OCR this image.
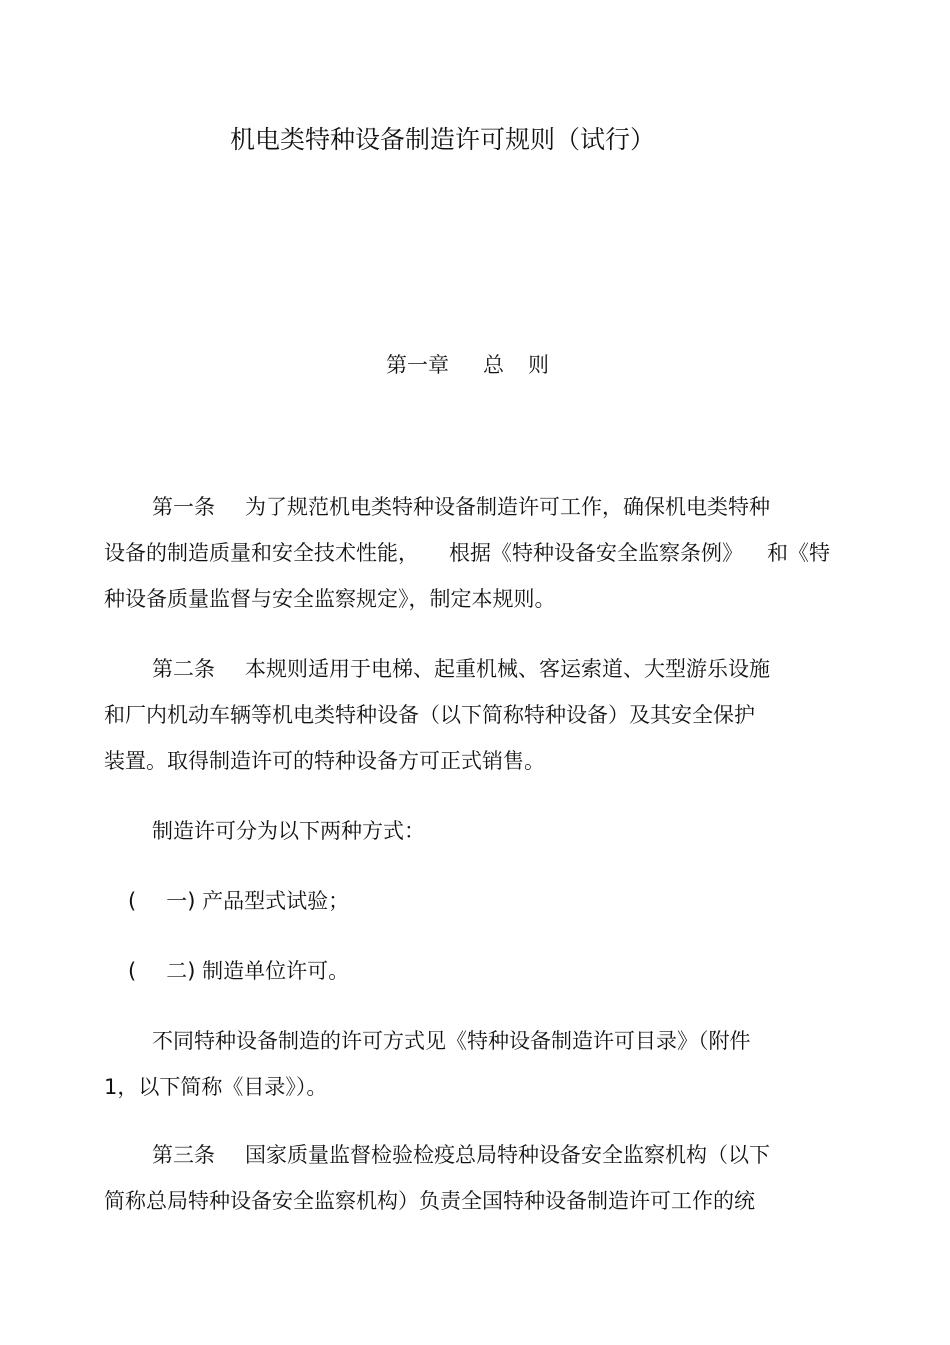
机电类特种设备制造许可规则（试行）
第一章 总 则
第一条 为了规范机电类特种设备制造许可工作，确保机电类特种
设备的制造质量和安全技术性能， 根据《特种设备安全监察条例》 和《特
种设备质量监督与安全监察规定》，制定本规则。
第二条 本规则适用于电梯、起重机械、客运索道、大型游乐设施
和厂内机动车辆等机电类特种设备（以下简称特种设备）及其安全保护
装置。取得制造许可的特种设备方可正式销售。
制造许可分为以下两种方式：
( 一) 产品型式试验；
( 二) 制造单位许可。
不同特种设备制造的许可方式见《特种设备制造许可目录》（附件
1，以下简称《目录》）。
第三条 国家质量监督检验检疫总局特种设备安全监察机构（以下
简称总局特种设备安全监察机构）负责全国特种设备制造许可工作的统
